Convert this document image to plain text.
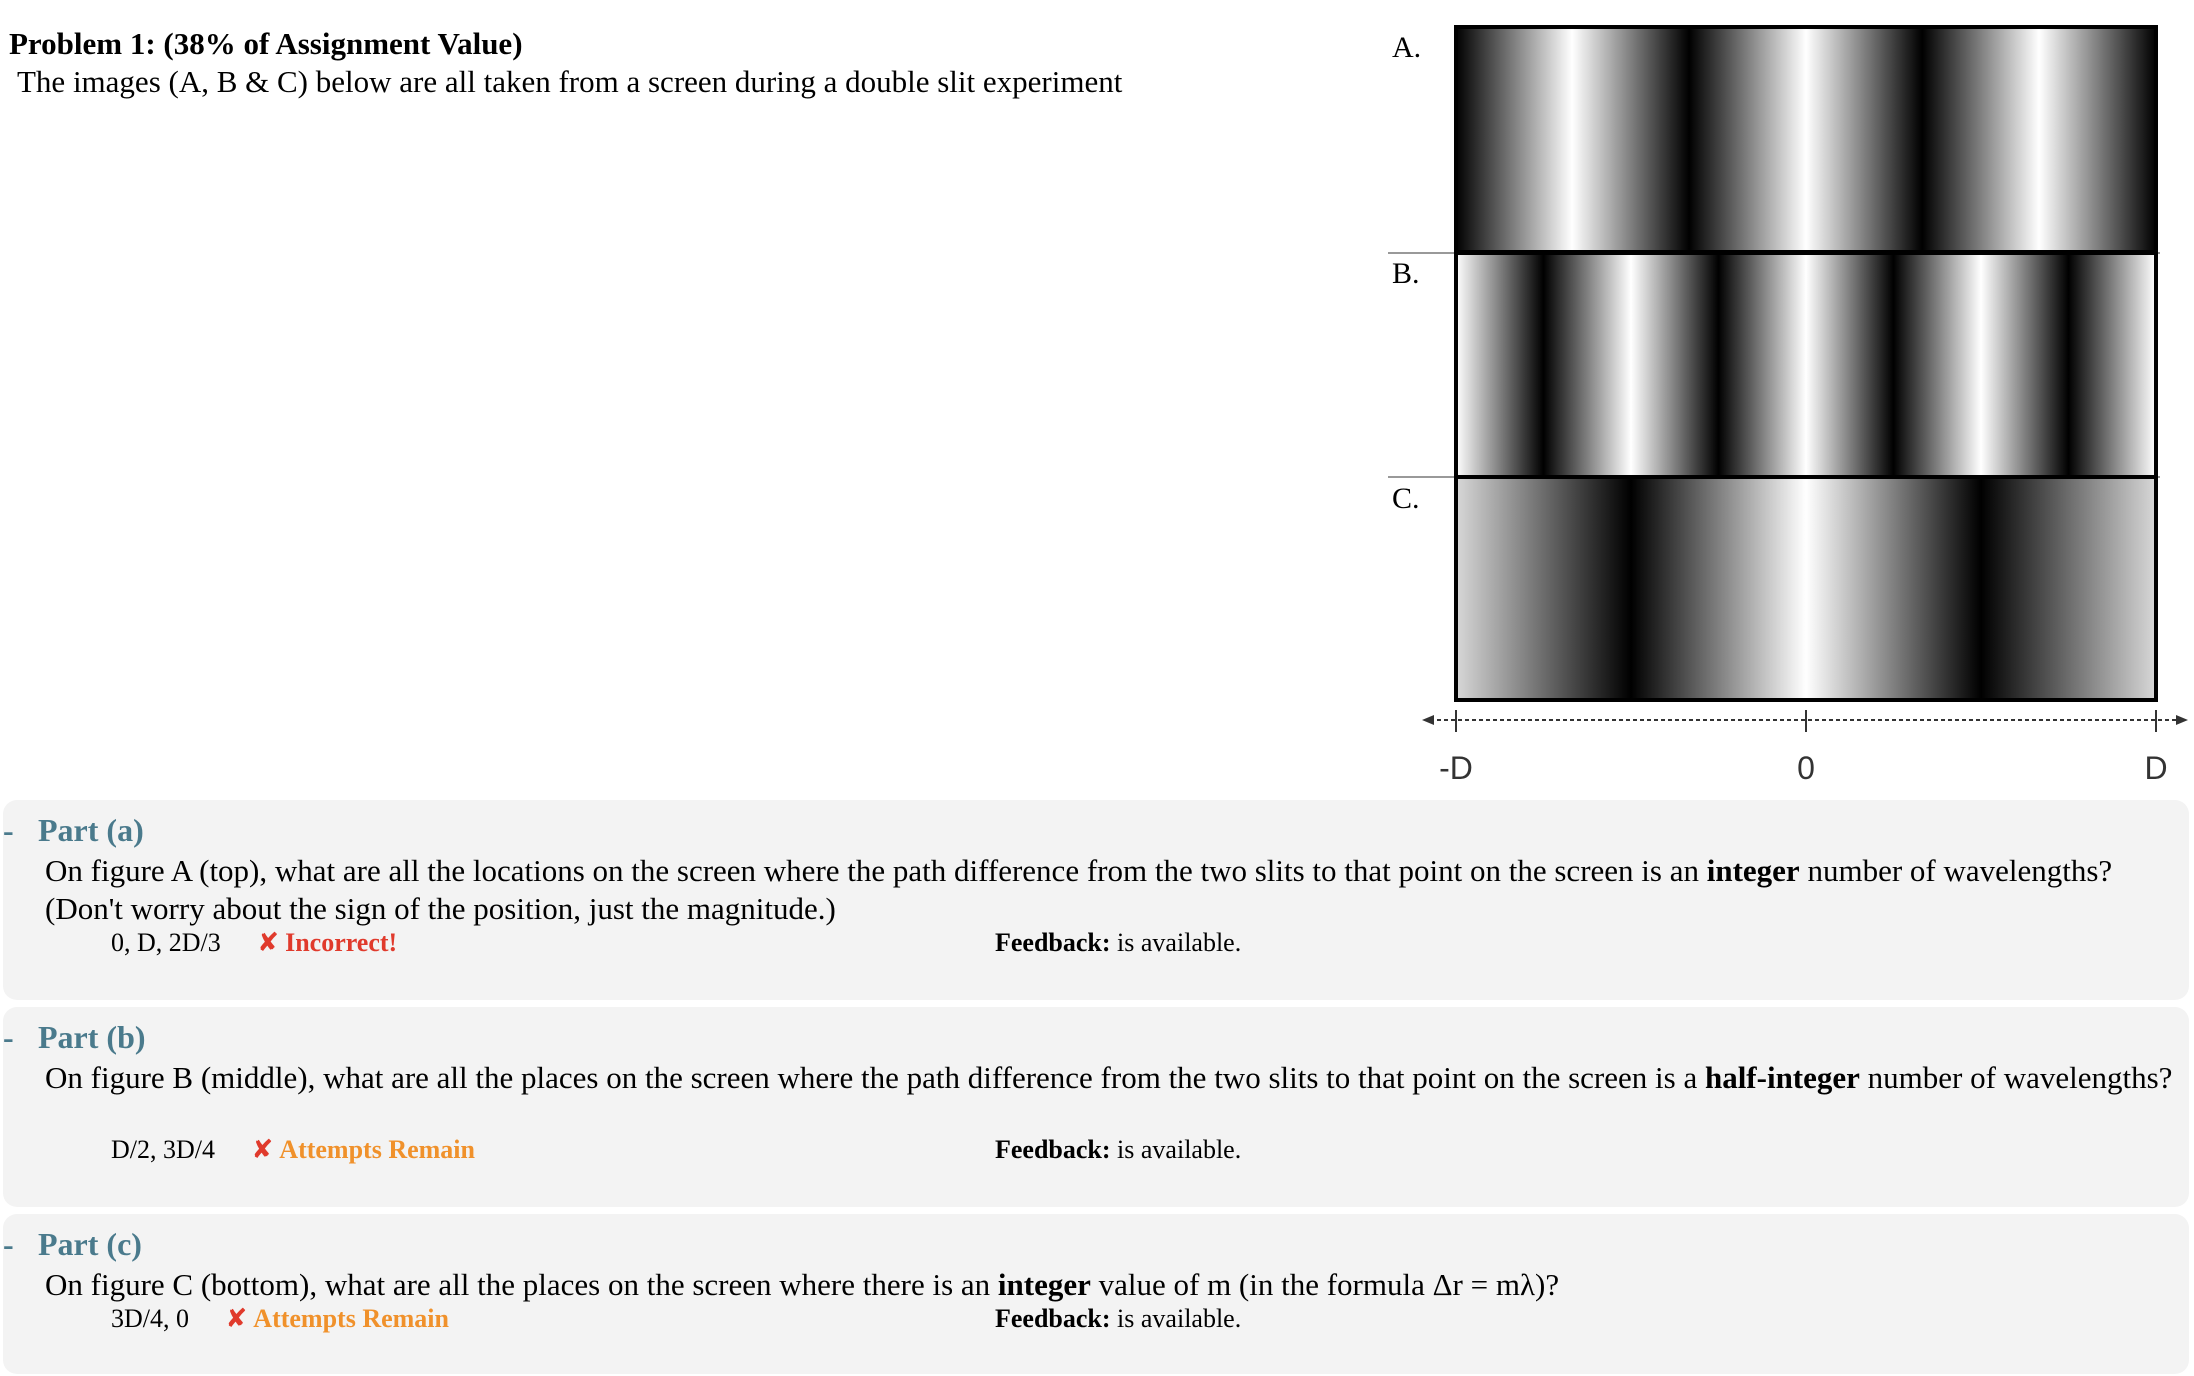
Problem 1: (38% of Assignment Value)
The images (A, B & C) below are all taken from a screen during a double slit experiment
A.
B.
C.
-D	0	D
- Part (a)
On figure A (top), what are all the locations on the screen where the path difference from the two slits to that point on the screen is an integer number of wavelengths? (Don't worry about the sign of the position, just the magnitude.)
0, D, 2D/3 ✘ Incorrect!	Feedback: is available.
- Part (b)
On figure B (middle), what are all the places on the screen where the path difference from the two slits to that point on the screen is a half-integer number of wavelengths?
D/2, 3D/4 ✘ Attempts Remain	Feedback: is available.
- Part (c)
On figure C (bottom), what are all the places on the screen where there is an integer value of m (in the formula Δr = mλ)?
3D/4, 0 ✘ Attempts Remain	Feedback: is available.
